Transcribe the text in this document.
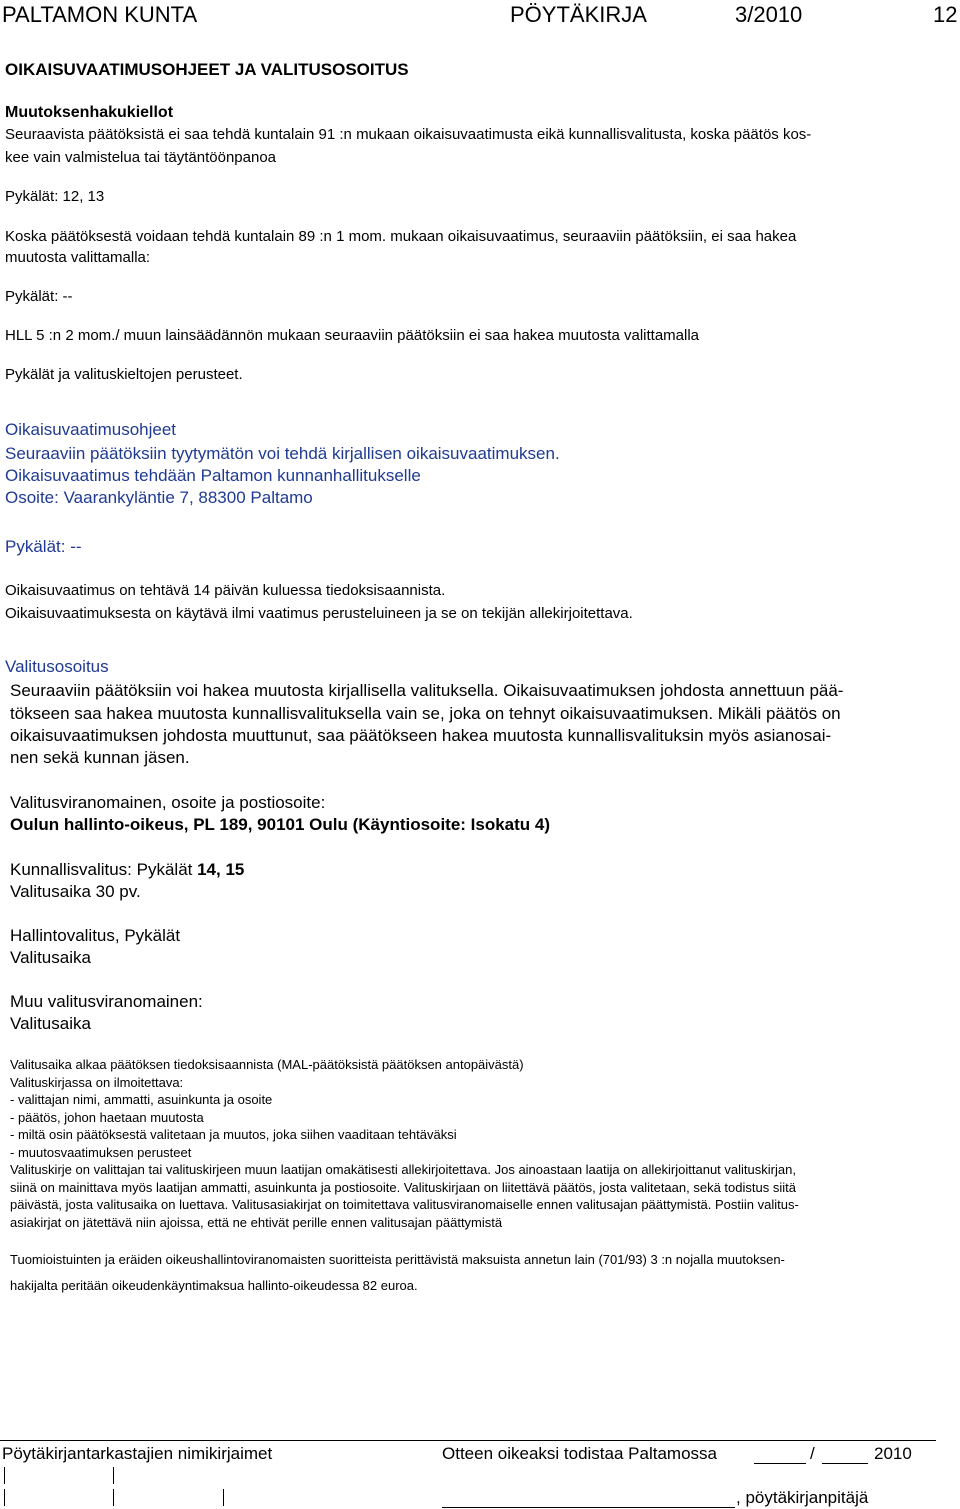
PALTAMON KUNTA	PÖYTÄKIRJA	3/2010	12
OIKAISUVAATIMUSOHJEET JA VALITUSOSOITUS
Muutoksenhakukiellot
Seuraavista päätöksistä ei saa tehdä kuntalain 91 :n mukaan oikaisuvaatimusta eikä kunnallisvalitusta, koska päätös kos-
kee vain valmistelua tai täytäntöönpanoa
Pykälät: 12, 13
Koska päätöksestä voidaan tehdä kuntalain 89 :n 1 mom. mukaan oikaisuvaatimus, seuraaviin päätöksiin, ei saa hakea
muutosta valittamalla:
Pykälät: --
HLL 5 :n 2 mom./ muun lainsäädännön mukaan seuraaviin päätöksiin ei saa hakea muutosta valittamalla
Pykälät ja valituskieltojen perusteet.
Oikaisuvaatimusohjeet
Seuraaviin päätöksiin tyytymätön voi tehdä kirjallisen oikaisuvaatimuksen.
Oikaisuvaatimus tehdään Paltamon kunnanhallitukselle
Osoite: Vaarankyläntie 7, 88300 Paltamo
Pykälät: --
Oikaisuvaatimus on tehtävä 14 päivän kuluessa tiedoksisaannista.
Oikaisuvaatimuksesta on käytävä ilmi vaatimus perusteluineen ja se on tekijän allekirjoitettava.
Valitusosoitus
Seuraaviin päätöksiin voi hakea muutosta kirjallisella valituksella. Oikaisuvaatimuksen johdosta annettuun pää-
tökseen saa hakea muutosta kunnallisvalituksella vain se, joka on tehnyt oikaisuvaatimuksen. Mikäli päätös on
oikaisuvaatimuksen johdosta muuttunut, saa päätökseen hakea muutosta kunnallisvalituksin myös asianosai-
nen sekä kunnan jäsen.
Valitusviranomainen, osoite ja postiosoite:
Oulun hallinto-oikeus, PL 189, 90101 Oulu (Käyntiosoite: Isokatu 4)
Kunnallisvalitus: Pykälät 14, 15
Valitusaika 30 pv.
Hallintovalitus, Pykälät
Valitusaika
Muu valitusviranomainen:
Valitusaika
Valitusaika alkaa päätöksen tiedoksisaannista (MAL-päätöksistä päätöksen antopäivästä)
Valituskirjassa on ilmoitettava:
- valittajan nimi, ammatti, asuinkunta ja osoite
- päätös, johon haetaan muutosta
- miltä osin päätöksestä valitetaan ja muutos, joka siihen vaaditaan tehtäväksi
- muutosvaatimuksen perusteet
Valituskirje on valittajan tai valituskirjeen muun laatijan omakätisesti allekirjoitettava. Jos ainoastaan laatija on allekirjoittanut valituskirjan,
siinä on mainittava myös laatijan ammatti, asuinkunta ja postiosoite. Valituskirjaan on liitettävä päätös, josta valitetaan, sekä todistus siitä
päivästä, josta valitusaika on luettava. Valitusasiakirjat on toimitettava valitusviranomaiselle ennen valitusajan päättymistä. Postiin valitus-
asiakirjat on jätettävä niin ajoissa, että ne ehtivät perille ennen valitusajan päättymistä
Tuomioistuinten ja eräiden oikeushallintoviranomaisten suoritteista perittävistä maksuista annetun lain (701/93) 3 :n nojalla muutoksen-
hakijalta peritään oikeudenkäyntimaksua hallinto-oikeudessa 82 euroa.
Pöytäkirjantarkastajien nimikirjaimet	Otteen oikeaksi todistaa Paltamossa	/	2010
, pöytäkirjanpitäjä
